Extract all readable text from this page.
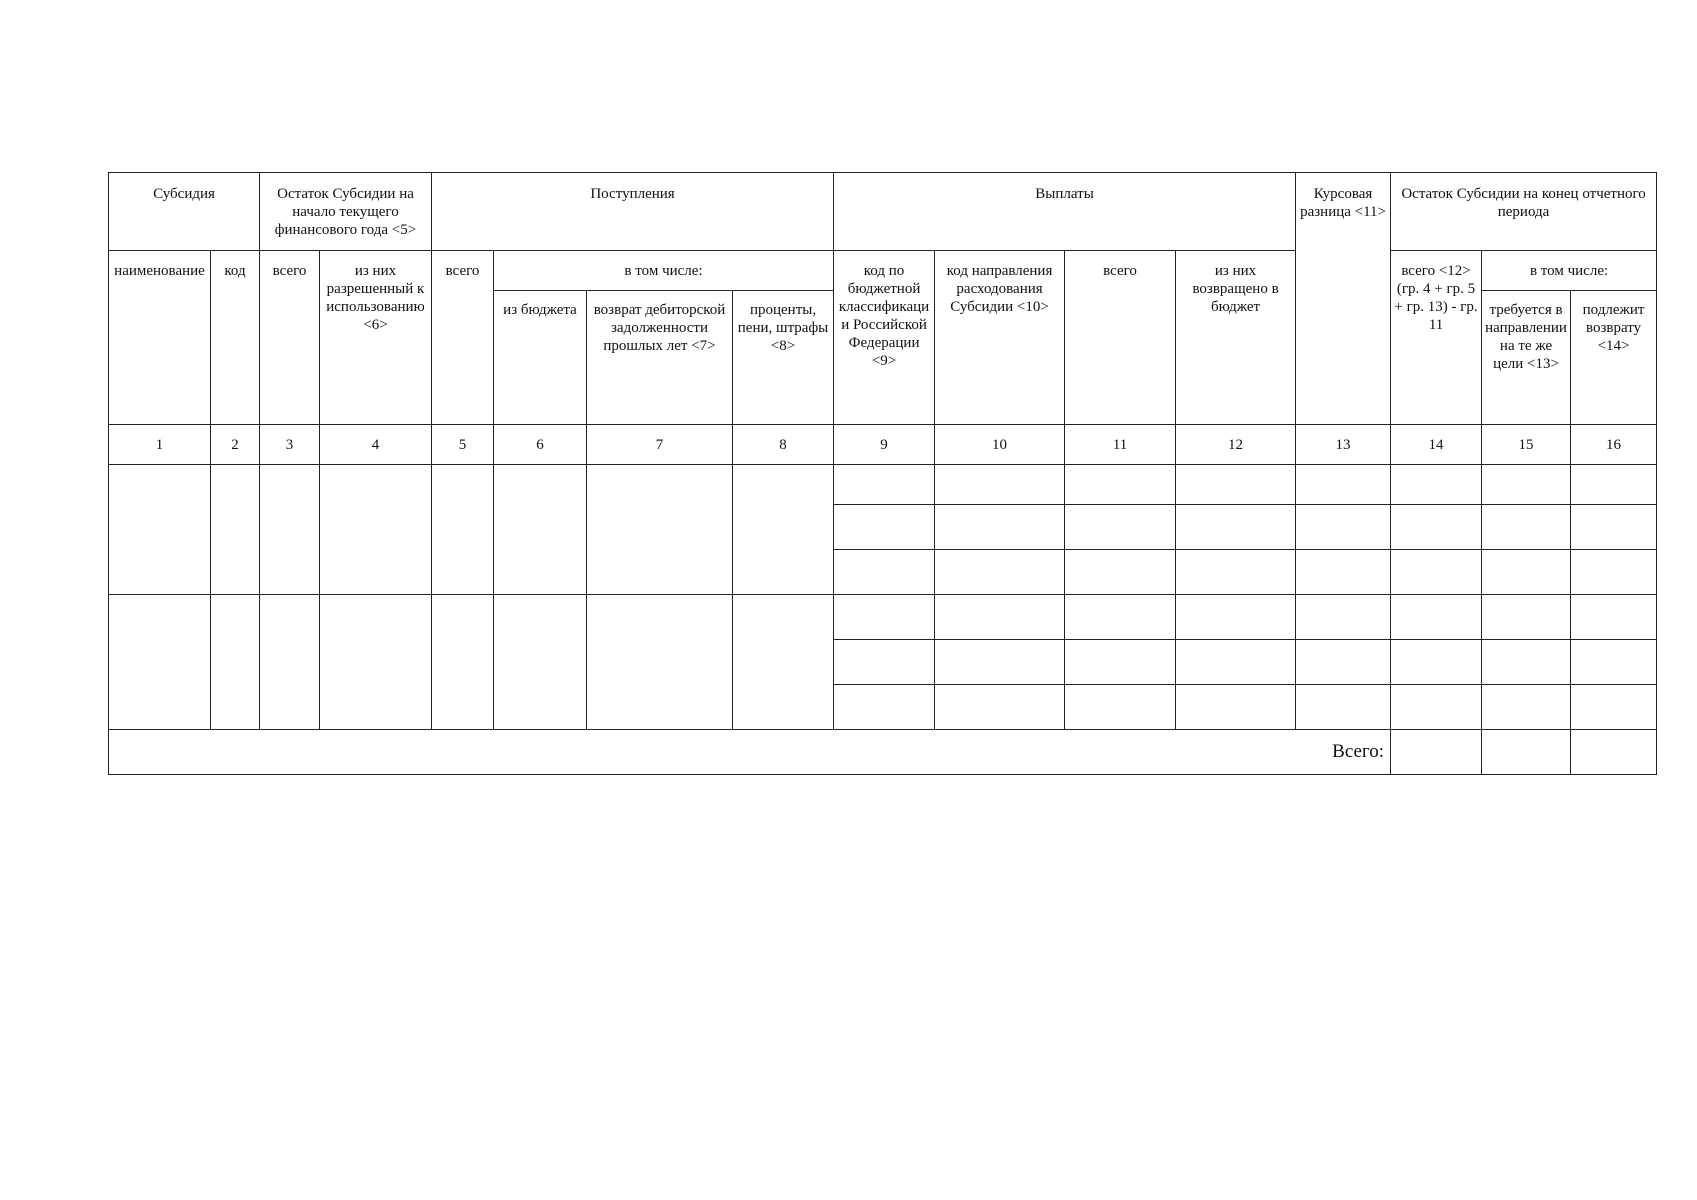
Субсидия		Остаток Субсидии на начало текущего финансового года <5>		Поступления				Выплаты				Курсовая разница <11>	Остаток Субсидии на конец отчетного периода		
наименование	код	всего	из них разрешенный к использованию <6>	всего	в том числе:			код по бюджетной классификации Российской Федерации <9>	код направления расходования Субсидии <10>	всего	из них возвращено в бюджет		всего <12> (гр. 4 + гр. 5 + гр. 13) - гр. 11	в том числе:	
					из бюджета	возврат дебиторской задолженности прошлых лет <7>	проценты, пени, штрафы <8>							требуется в направлении на те же цели <13>	подлежит возврату <14>
1	2	3	4	5	6	7	8	9	10	11	12	13	14	15	16

Всего:															
